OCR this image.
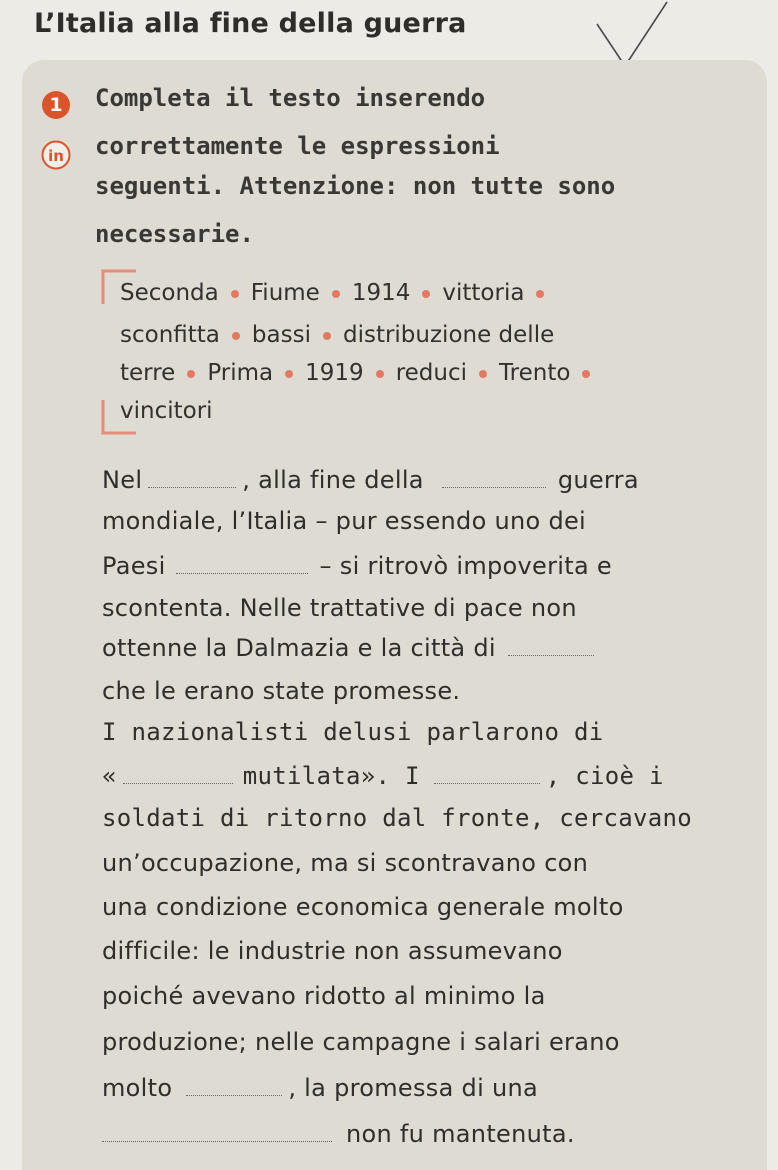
L’Italia alla fine della guerra
1
in
Completa il testo inserendo
correttamente le espressioni
seguenti. Attenzione: non tutte sono
necessarie.
Seconda Fiume 1914 vittoria
sconfitta bassi distribuzione delle
terre Prima 1919 reduci Trento
vincitori
Nel	, alla fine della	guerra
mondiale, l’Italia – pur essendo uno dei
Paesi	– si ritrovò impoverita e
scontenta. Nelle trattative di pace non
ottenne la Dalmazia e la città di
che le erano state promesse.
I nazionalisti delusi parlarono di
«	mutilata». I	, cioè i
soldati di ritorno dal fronte, cercavano
un’occupazione, ma si scontravano con
una condizione economica generale molto
difficile: le industrie non assumevano
poiché avevano ridotto al minimo la
produzione; nelle campagne i salari erano
molto	, la promessa di una
non fu mantenuta.
